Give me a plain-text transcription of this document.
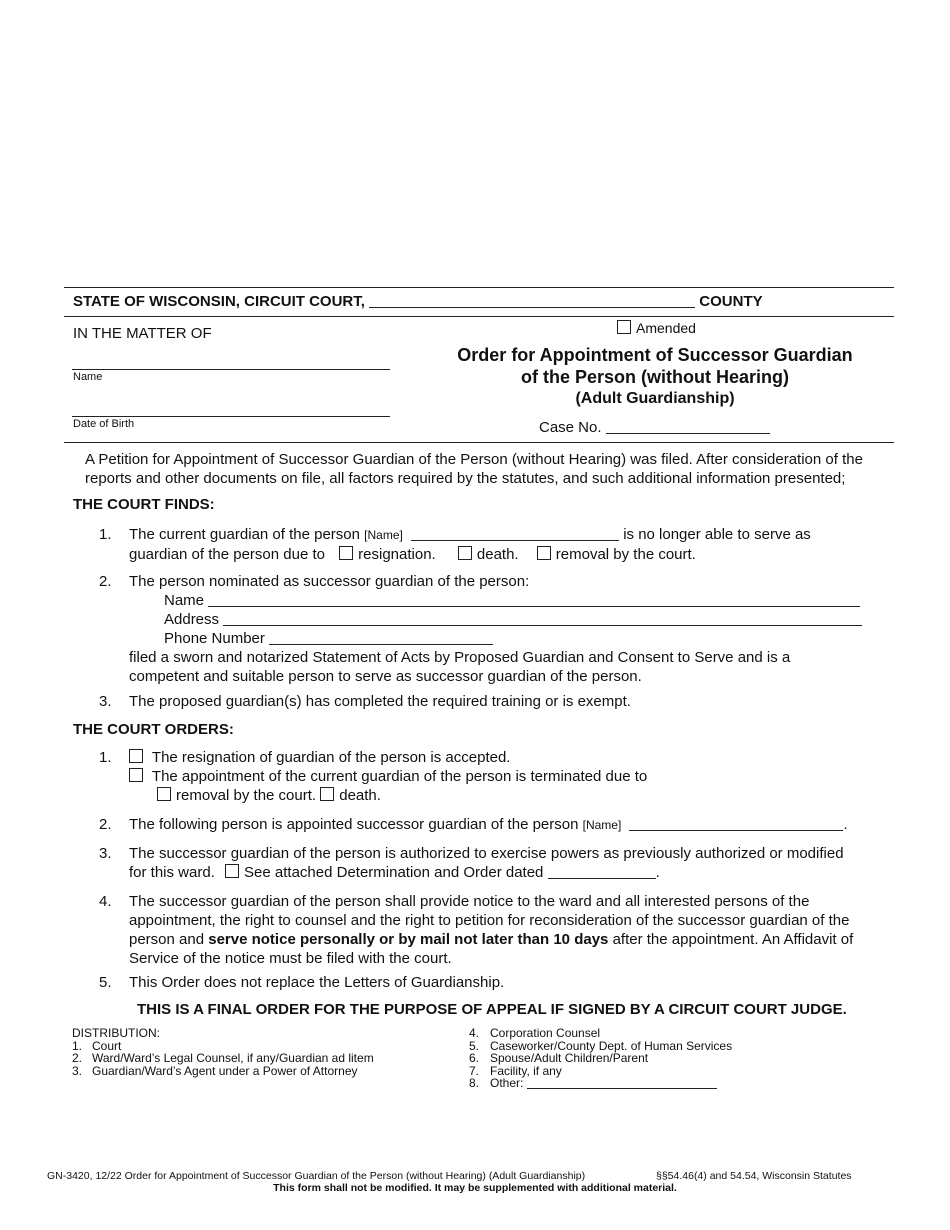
STATE OF WISCONSIN, CIRCUIT COURT,	COUNTY
IN THE MATTER OF
Name
Date of Birth
Amended
Order for Appointment of Successor Guardian
of the Person (without Hearing)
(Adult Guardianship)
Case No.
A Petition for Appointment of Successor Guardian of the Person (without Hearing) was filed. After consideration of the
reports and other documents on file, all factors required by the statutes, and such additional information presented;
THE COURT FINDS:
1. The current guardian of the person [Name]	is no longer able to serve as
guardian of the person due to resignation.	death. removal by the court.
2. The person nominated as successor guardian of the person:
Name
Address
Phone Number
filed a sworn and notarized Statement of Acts by Proposed Guardian and Consent to Serve and is a
competent and suitable person to serve as successor guardian of the person.
3. The proposed guardian(s) has completed the required training or is exempt.
THE COURT ORDERS:
1.	The resignation of guardian of the person is accepted.
The appointment of the current guardian of the person is terminated due to
removal by the court. death.
2. The following person is appointed successor guardian of the person [Name]	.
3. The successor guardian of the person is authorized to exercise powers as previously authorized or modified
for this ward. See attached Determination and Order dated	.
4. The successor guardian of the person shall provide notice to the ward and all interested persons of the
appointment, the right to counsel and the right to petition for reconsideration of the successor guardian of the
person and serve notice personally or by mail not later than 10 days after the appointment. An Affidavit of
Service of the notice must be filed with the court.
5. This Order does not replace the Letters of Guardianship.
THIS IS A FINAL ORDER FOR THE PURPOSE OF APPEAL IF SIGNED BY A CIRCUIT COURT JUDGE.
DISTRIBUTION:
1. Court
2. Ward/Ward’s Legal Counsel, if any/Guardian ad litem
3. Guardian/Ward’s Agent under a Power of Attorney
4. Corporation Counsel
5. Caseworker/County Dept. of Human Services
6. Spouse/Adult Children/Parent
7. Facility, if any
8. Other:
GN-3420, 12/22 Order for Appointment of Successor Guardian of the Person (without Hearing) (Adult Guardianship)	§§54.46(4) and 54.54, Wisconsin Statutes
This form shall not be modified. It may be supplemented with additional material.
